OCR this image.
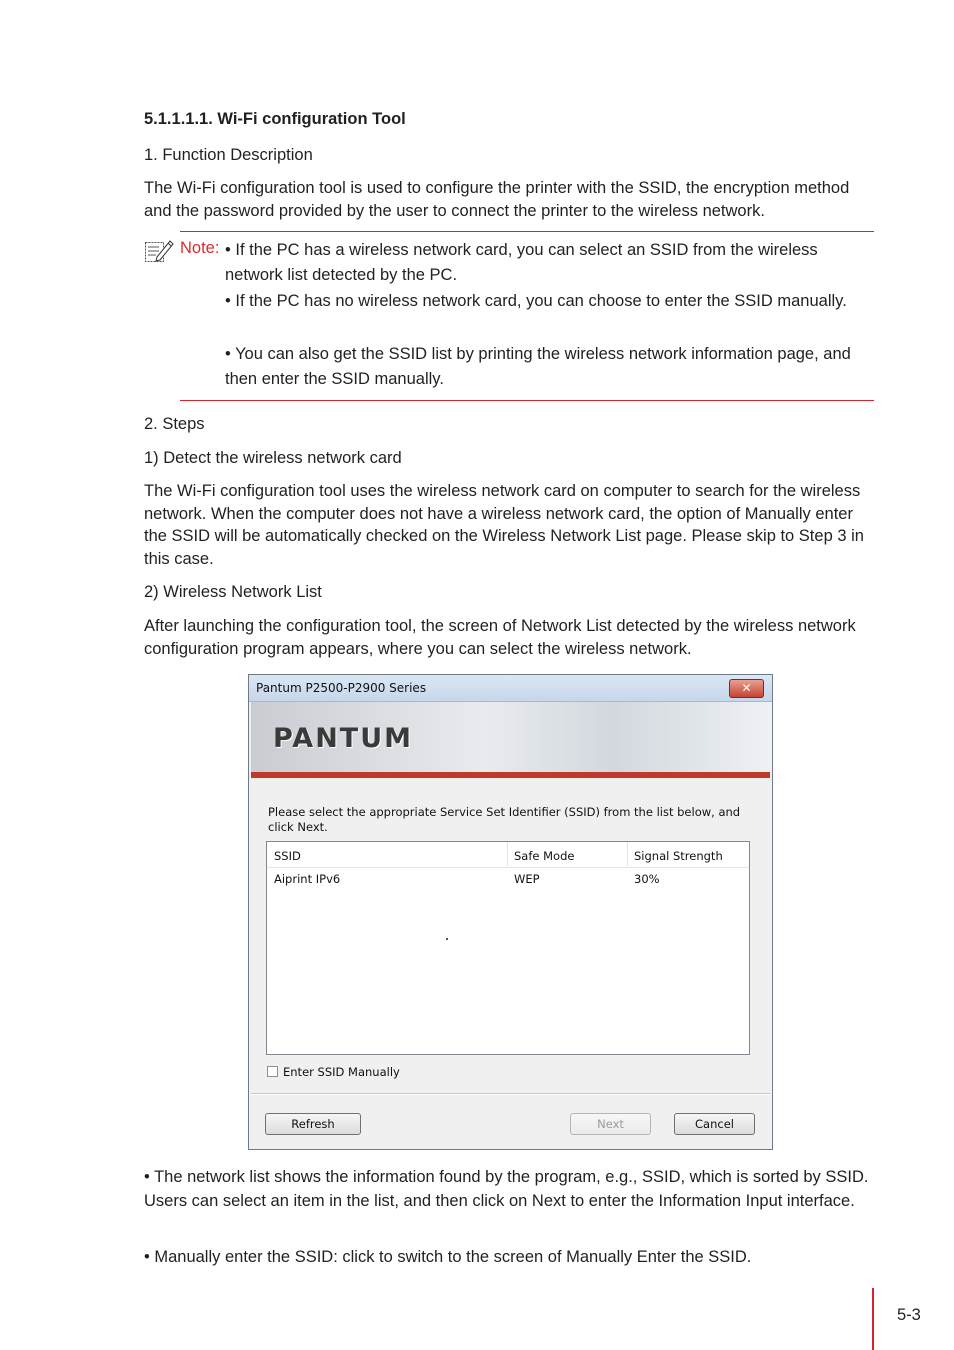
5.1.1.1.1. Wi-Fi configuration Tool

1. Function Description

The Wi-Fi configuration tool is used to configure the printer with the SSID, the encryption method and the password provided by the user to connect the printer to the wireless network.

Note: • If the PC has a wireless network card, you can select an SSID from the wireless network list detected by the PC.

• If the PC has no wireless network card, you can choose to enter the SSID manually.

• You can also get the SSID list by printing the wireless network information page, and then enter the SSID manually.

2. Steps

1) Detect the wireless network card

The Wi-Fi configuration tool uses the wireless network card on computer to search for the wireless network. When the computer does not have a wireless network card, the option of Manually enter the SSID will be automatically checked on the Wireless Network List page. Please skip to Step 3 in this case.

2) Wireless Network List

After launching the configuration tool, the screen of Network List detected by the wireless network configuration program appears, where you can select the wireless network.

Pantum P2500-P2900 Series	✕
PANTUM
Please select the appropriate Service Set Identifier (SSID) from the list below, and click Next.
SSID	Safe Mode	Signal Strength
Aiprint IPv6	WEP	30%
Enter SSID Manually
Refresh	Next	Cancel

• The network list shows the information found by the program, e.g., SSID, which is sorted by SSID. Users can select an item in the list, and then click on Next to enter the Information Input interface.

• Manually enter the SSID: click to switch to the screen of Manually Enter the SSID.

5-3
